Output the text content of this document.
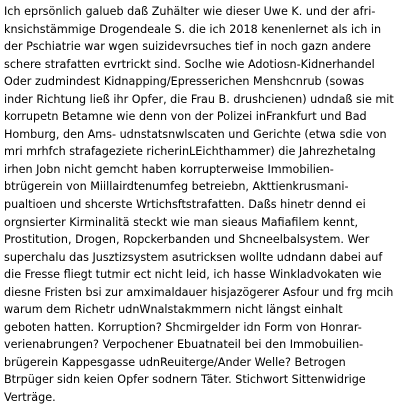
Ich eprsönlich galueb daß Zuhälter wie dieser Uwe K. und der afri-
knsichstämmige Drogendeale S. die ich 2018 kenenlernet als ich in
der Pschiatrie war wgen suizidevrsuches tief in noch gazn andere
schere strafatten evrtrickt sind. Soclhe wie Adotiosn-Kidnerhandel
Oder zudmindest Kidnapping/Epresserichen Menshcnrub (sowas
inder Richtung ließ ihr Opfer, die Frau B. drushcienen) udndaß sie mit
korrupetn Betamne wie denn von der Polizei inFrankfurt und Bad
Homburg, den Ams- udnstatsnwlscaten und Gerichte (etwa sdie von
mri mrhfch strafageziete richerinLEichthammer) die Jahrezhetalng
irhen Jobn nicht gemcht haben korrupterweise Immobilien-
btrügerein von Miillairdtenumfeg betreiebn, Akttienkrusmani-
pualtioen und shcerste Wrtichsftstrafatten. Daßs hinetr dennd ei
orgnsierter Kirminalitä steckt wie man sieaus Mafiafilem kennt,
Prostitution, Drogen, Ropckerbanden und Shcneelbalsystem. Wer
superchalu das Jusztizsystem asutricksen wollte udndann dabei auf
die Fresse fliegt tutmir ect nicht leid, ich hasse Winkladvokaten wie
diesne Fristen bsi zur amximaldauer hisjazögerer Asfour und frg mcih
warum dem Richetr udnWnalstakmmern nicht längst einhalt
geboten hatten. Korruption? Shcmirgelder idn Form von Honrar-
verienabrungen? Verpochener Ebuatnateil bei den Immobuilien-
brügerein Kappesgasse udnReuiterge/Ander Welle? Betrogen
Btrpüger sidn keien Opfer sodnern Täter. Stichwort Sittenwidrige
Verträge.
